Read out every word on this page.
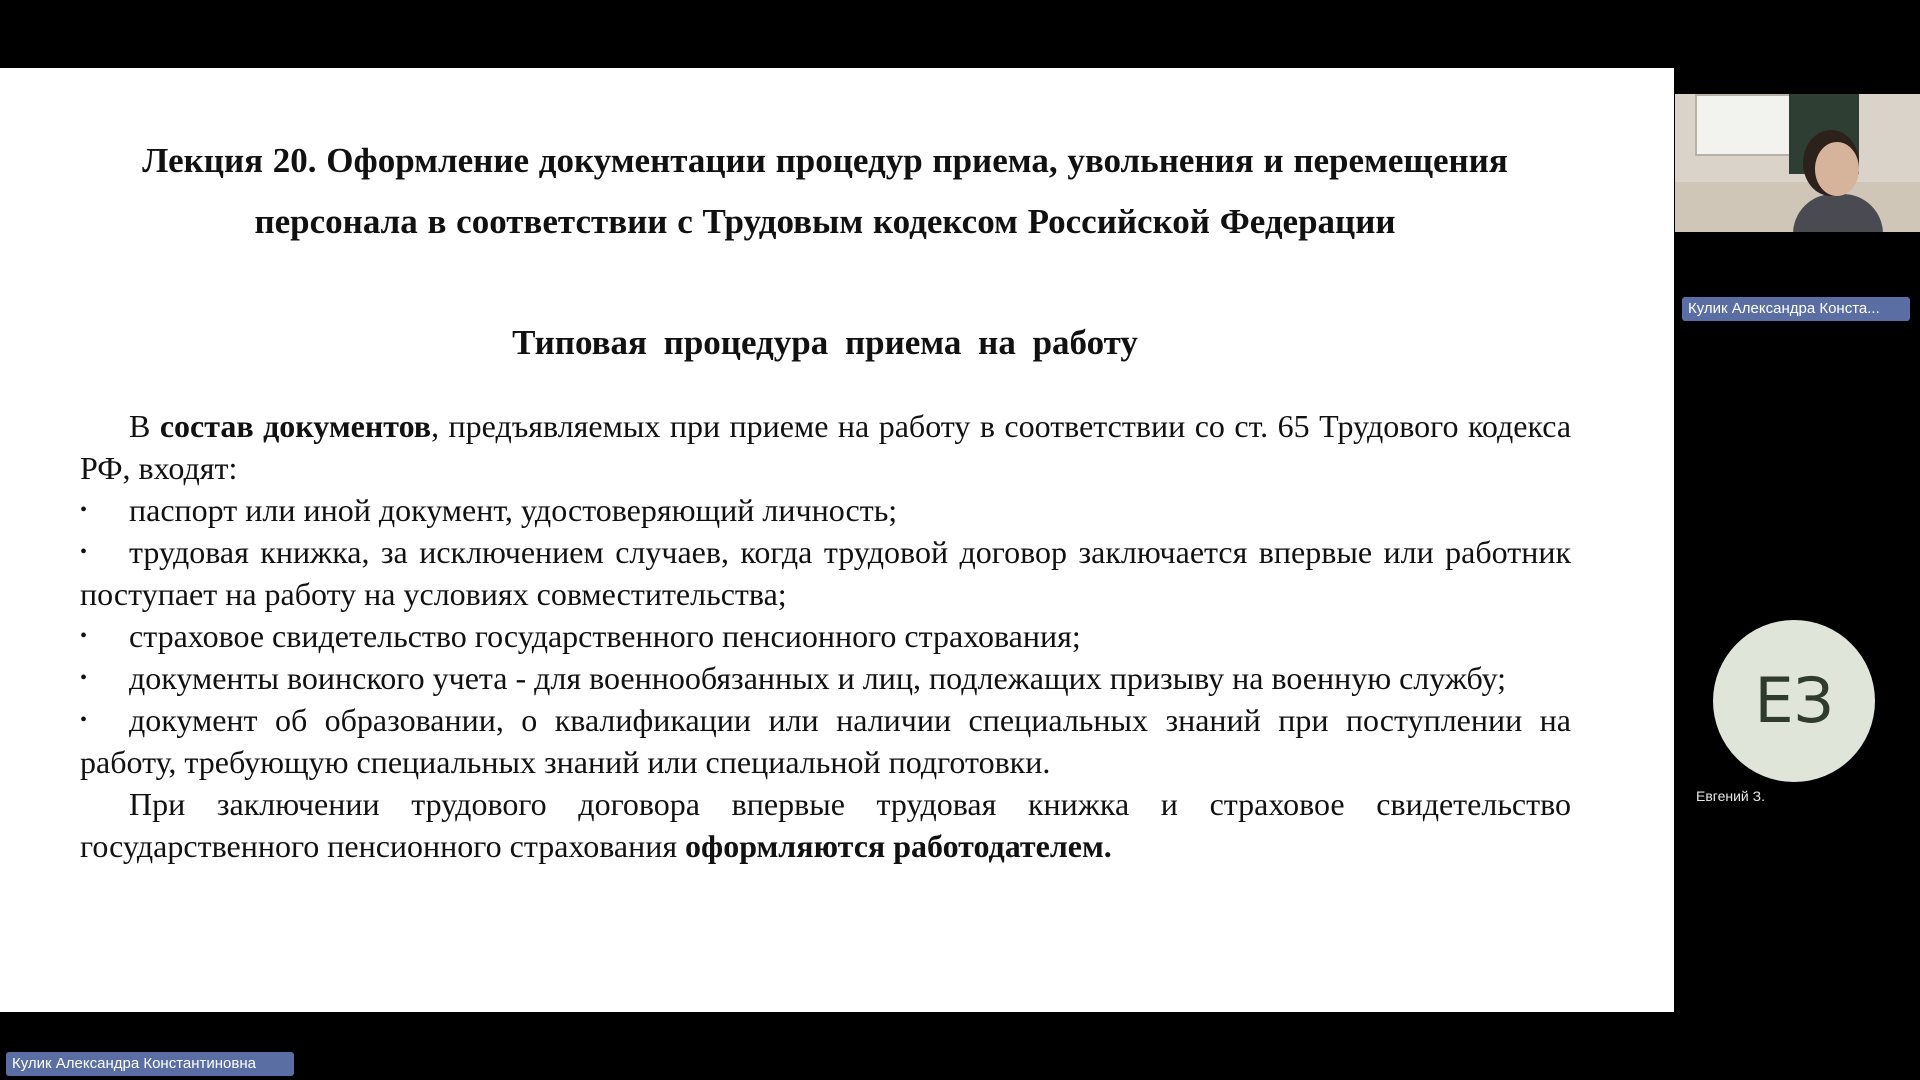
Лекция 20. Оформление документации процедур приема, увольнения и перемещения
персонала в соответствии с Трудовым кодексом Российской Федерации
Типовая процедура приема на работу

В состав документов, предъявляемых при приеме на работу в соответствии со ст. 65 Трудового кодекса РФ, входят:

• паспорт или иной документ, удостоверяющий личность;
• трудовая книжка, за исключением случаев, когда трудовой договор заключается впервые или работник поступает на работу на условиях совместительства;
• страховое свидетельство государственного пенсионного страхования;
• документы воинского учета - для военнообязанных и лиц, подлежащих призыву на военную службу;
• документ об образовании, о квалификации или наличии специальных знаний при поступлении на работу, требующую специальных знаний или специальной подготовки.

При заключении трудового договора впервые трудовая книжка и страховое свидетельство государственного пенсионного страхования оформляются работодателем.

Кулик Александра Конста...
ЕЗ
Евгений З.
Кулик Александра Константиновна
